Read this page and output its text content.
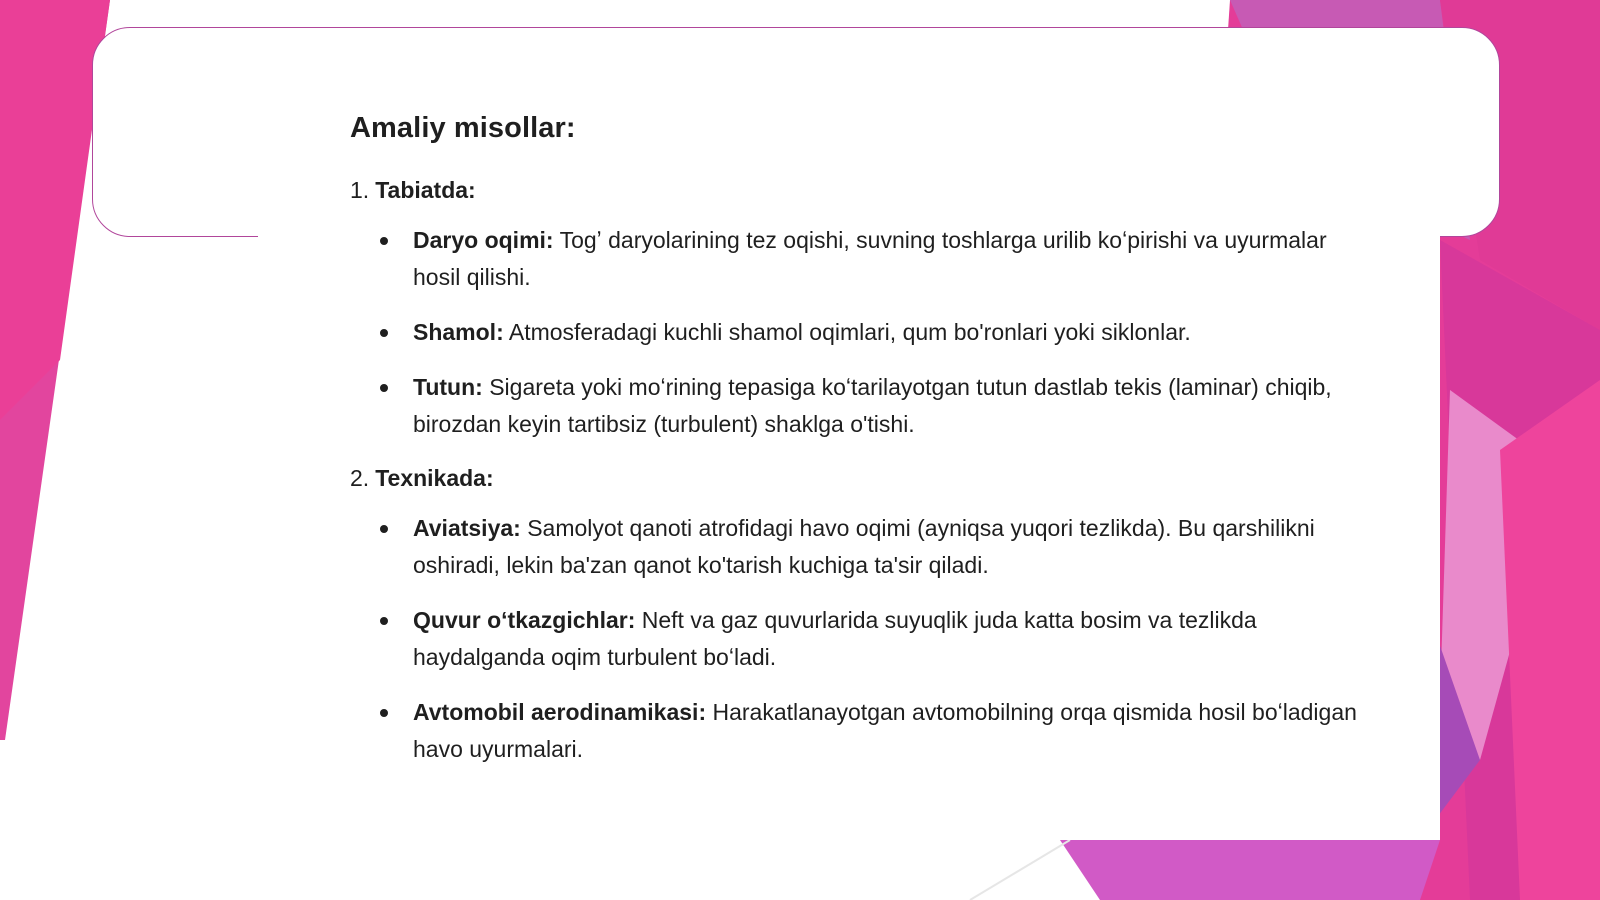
Amaliy misollar:
1. Tabiatda:
Daryo oqimi: Togʼ daryolarining tez oqishi, suvning toshlarga urilib koʻpirishi va uyurmalar hosil qilishi.
Shamol: Atmosferadagi kuchli shamol oqimlari, qum bo'ronlari yoki siklonlar.
Tutun: Sigareta yoki moʻrining tepasiga koʻtarilayotgan tutun dastlab tekis (laminar) chiqib, birozdan keyin tartibsiz (turbulent) shaklga o'tishi.
2. Texnikada:
Aviatsiya: Samolyot qanoti atrofidagi havo oqimi (ayniqsa yuqori tezlikda). Bu qarshilikni oshiradi, lekin ba'zan qanot ko'tarish kuchiga ta'sir qiladi.
Quvur oʻtkazgichlar: Neft va gaz quvurlarida suyuqlik juda katta bosim va tezlikda haydalganda oqim turbulent boʻladi.
Avtomobil aerodinamikasi: Harakatlanayotgan avtomobilning orqa qismida hosil boʻladigan havo uyurmalari.
